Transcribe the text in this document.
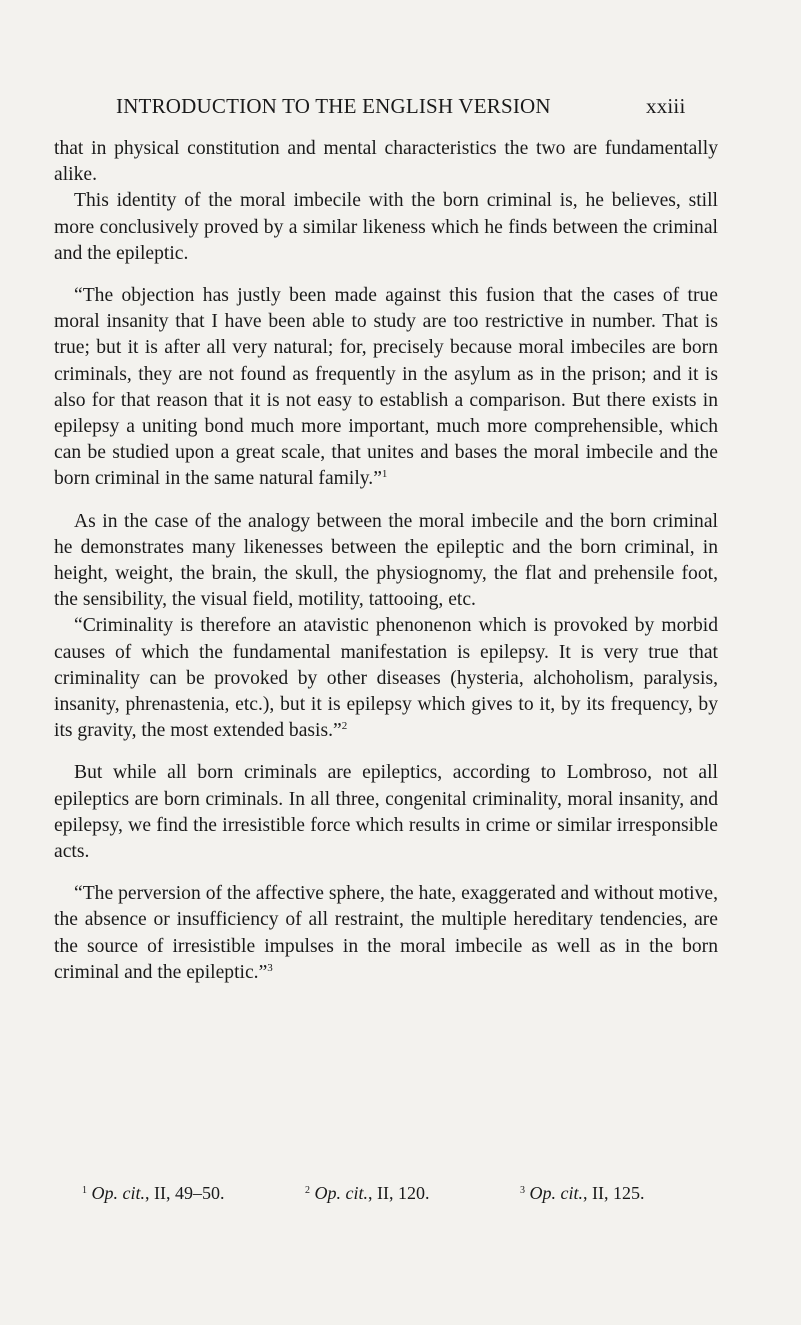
INTRODUCTION TO THE ENGLISH VERSION	xxiii

that in physical constitution and mental characteristics the two are fundamentally alike.

This identity of the moral imbecile with the born criminal is, he believes, still more conclusively proved by a similar likeness which he finds between the criminal and the epileptic.

“The objection has justly been made against this fusion that the cases of true moral insanity that I have been able to study are too restrictive in number. That is true; but it is after all very natural; for, precisely because moral imbeciles are born criminals, they are not found as frequently in the asylum as in the prison; and it is also for that reason that it is not easy to establish a comparison. But there exists in epilepsy a uniting bond much more important, much more comprehensible, which can be studied upon a great scale, that unites and bases the moral imbecile and the born criminal in the same natural family.”$^1$

As in the case of the analogy between the moral imbecile and the born criminal he demonstrates many likenesses between the epileptic and the born criminal, in height, weight, the brain, the skull, the physiognomy, the flat and prehensile foot, the sensibility, the visual field, motility, tattooing, etc.

“Criminality is therefore an atavistic phenonenon which is provoked by morbid causes of which the fundamental manifestation is epilepsy. It is very true that criminality can be provoked by other diseases (hysteria, alchoholism, paralysis, insanity, phrenastenia, etc.), but it is epilepsy which gives to it, by its frequency, by its gravity, the most extended basis.”$^2$

But while all born criminals are epileptics, according to Lombroso, not all epileptics are born criminals. In all three, congenital criminality, moral insanity, and epilepsy, we find the irresistible force which results in crime or similar irresponsible acts.

“The perversion of the affective sphere, the hate, exaggerated and without motive, the absence or insufficiency of all restraint, the multiple hereditary tendencies, are the source of irresistible impulses in the moral imbecile as well as in the born criminal and the epileptic.”$^3$

$^1$ Op. cit., II, 49–50.	$^2$ Op. cit., II, 120.	$^3$ Op. cit., II, 125.
